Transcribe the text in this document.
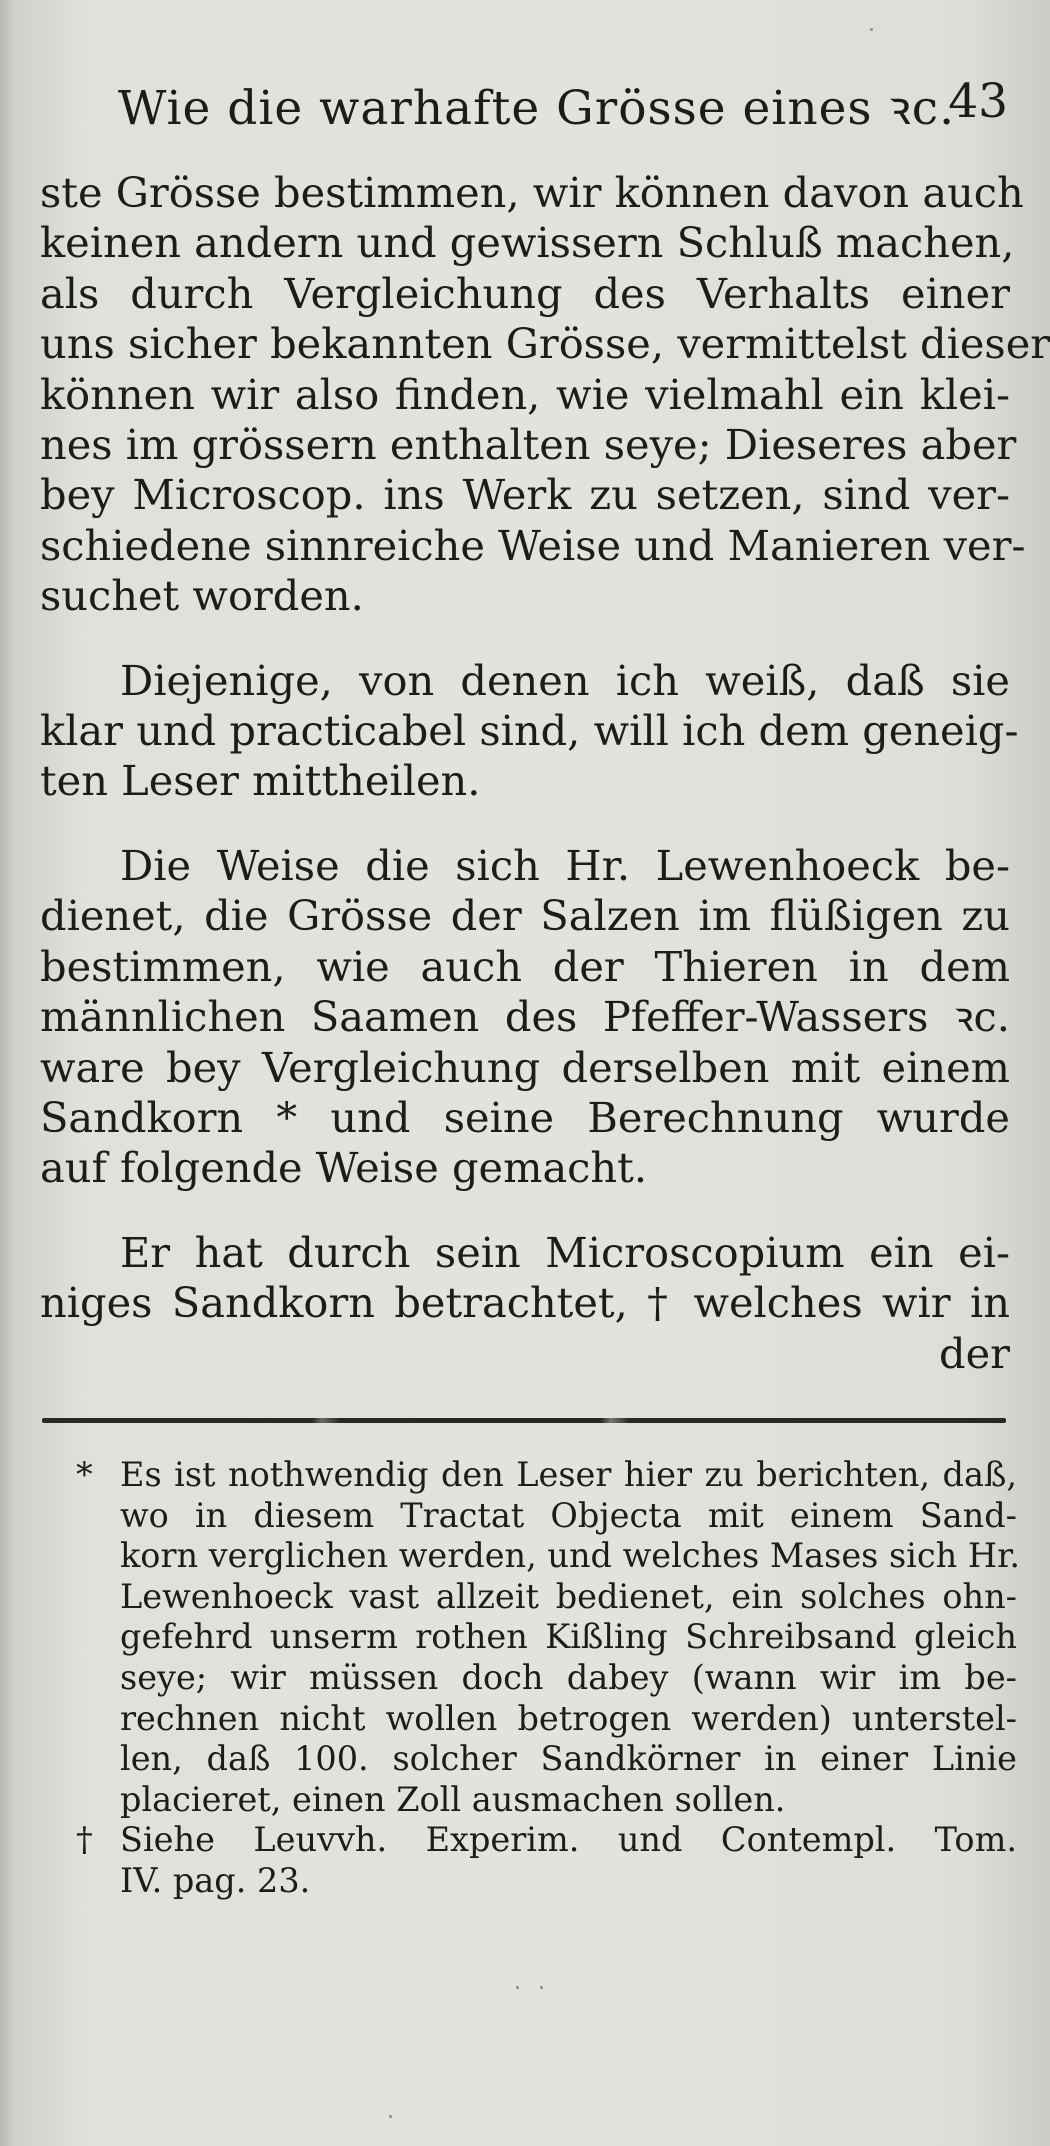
Wie die warhafte Grösse eines ꝛc.
43

ste Grösse bestimmen, wir können davon auch
keinen andern und gewissern Schluß machen,
als durch Vergleichung des Verhalts einer
uns sicher bekannten Grösse, vermittelst dieser
können wir also finden, wie vielmahl ein klei-
nes im grössern enthalten seye; Dieseres aber
bey Microscop. ins Werk zu setzen, sind ver-
schiedene sinnreiche Weise und Manieren ver-
suchet worden.

Diejenige, von denen ich weiß, daß sie
klar und practicabel sind, will ich dem geneig-
ten Leser mittheilen.

Die Weise die sich Hr. Lewenhoeck be-
dienet, die Grösse der Salzen im flüßigen zu
bestimmen, wie auch der Thieren in dem
männlichen Saamen des Pfeffer-Wassers ꝛc.
ware bey Vergleichung derselben mit einem
Sandkorn * und seine Berechnung wurde
auf folgende Weise gemacht.

Er hat durch sein Microscopium ein ei-
niges Sandkorn betrachtet, † welches wir in
der

* Es ist nothwendig den Leser hier zu berichten, daß,
wo in diesem Tractat Objecta mit einem Sand-
korn verglichen werden, und welches Mases sich Hr.
Lewenhoeck vast allzeit bedienet, ein solches ohn-
gefehrd unserm rothen Kißling Schreibsand gleich
seye; wir müssen doch dabey (wann wir im be-
rechnen nicht wollen betrogen werden) unterstel-
len, daß 100. solcher Sandkörner in einer Linie
placieret, einen Zoll ausmachen sollen.
† Siehe Leuvvh. Experim. und Contempl. Tom.
IV. pag. 23.
